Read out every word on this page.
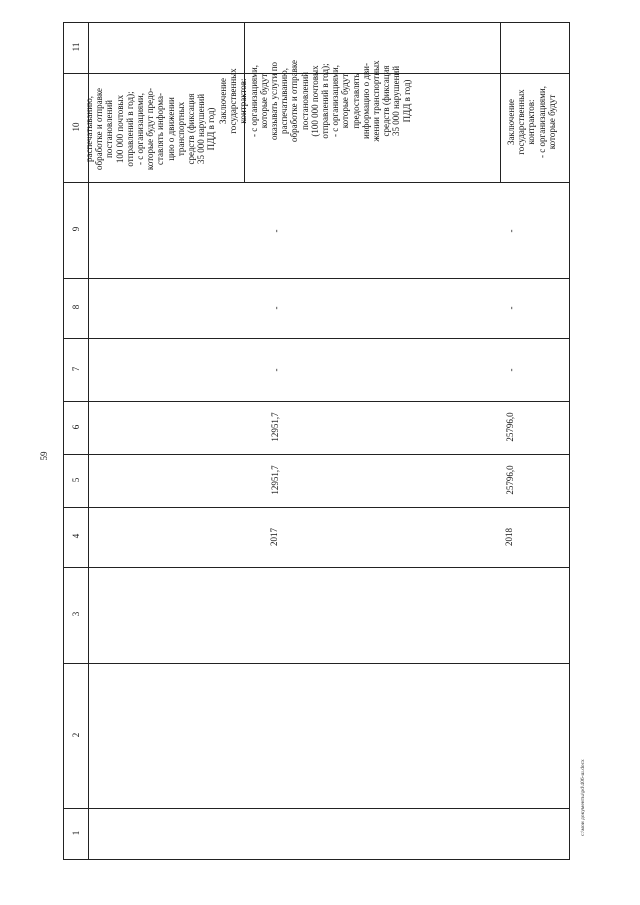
59
c:\мои документы\pd\406-ш.docx
11
10
9
8
7
6
5
4
3
2
1
распечатыванию,
обработке и отправке
постановлений
100 000 почтовых
отправлений в год);
- с организациями,
которые будут предо-
ставлять информа-
цию о движении
транспортных
средств (фиксация
35 000 нарушений
ПДД в год) Заключение
государственных
контрактов:
- с организациями,
которые будут
оказывать услуги по
распечатыванию,
обработке и отправке
постановлений
(100 000 почтовых
отправлений в год);
- с организациями,
которые будут
предоставлять
информацию о дви-
жении транспортных
средств (фиксация
35 000 нарушений
ПДД в год)
-
-
-
12951,7
12951,7
2017
Заключение
государственных
контрактов:
- с организациями,
которые будут
-
-
-
25796,0
25796,0
2018
